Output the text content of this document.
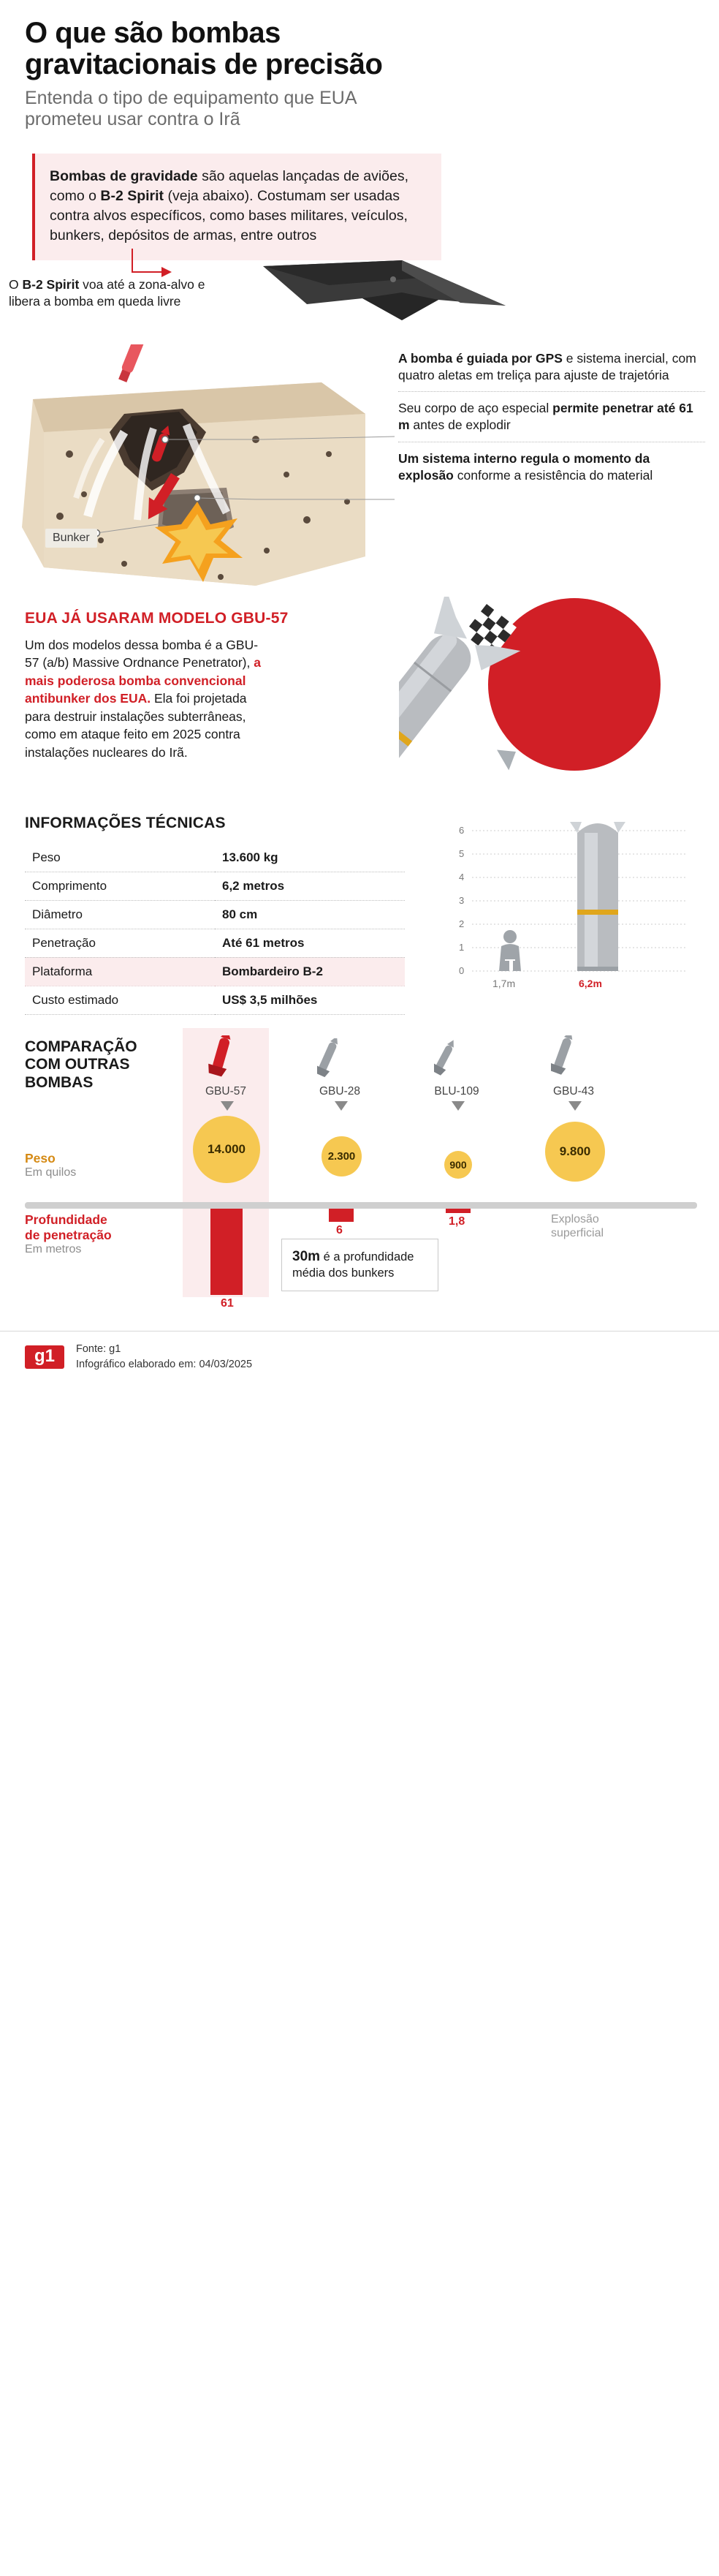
O que são bombas
gravitacionais de precisão
Entenda o tipo de equipamento que EUA
prometeu usar contra o Irã

Bombas de gravidade são aquelas lançadas de aviões, como o B-2 Spirit (veja abaixo). Costumam ser usadas contra alvos específicos, como bases militares, veículos, bunkers, depósitos de armas, entre outros

O B-2 Spirit voa até a zona-alvo e libera a bomba em queda livre
Bunker
A bomba é guiada por GPS e sistema inercial, com quatro aletas em treliça para ajuste de trajetória
Seu corpo de aço especial permite penetrar até 61 m antes de explodir
Um sistema interno regula o momento da explosão conforme a resistência do material
EUA JÁ USARAM MODELO GBU-57
Um dos modelos dessa bomba é a GBU-57 (a/b) Massive Ordnance Penetrator), a mais poderosa bomba convencional antibunker dos EUA. Ela foi projetada para destruir instalações subterrâneas, como em ataque feito em 2025 contra instalações nucleares do Irã.
INFORMAÇÕES TÉCNICAS
Peso	13.600 kg
Comprimento	6,2 metros
Diâmetro	80 cm
Penetração	Até 61 metros
Plataforma	Bombardeiro B-2
Custo estimado	US$ 3,5 milhões
6
5
4
3
2
1
0
1,7m	6,2m
COMPARAÇÃO
COM OUTRAS
BOMBAS
Peso
Em quilos
Profundidade
de penetração
Em metros
GBU-57
14.000
61
GBU-28
2.300
6
BLU-109
900
1,8
GBU-43
9.800
Explosão
superficial
30m é a profundidade média dos bunkers
g1	Fonte: g1
Infográfico elaborado em: 04/03/2025
